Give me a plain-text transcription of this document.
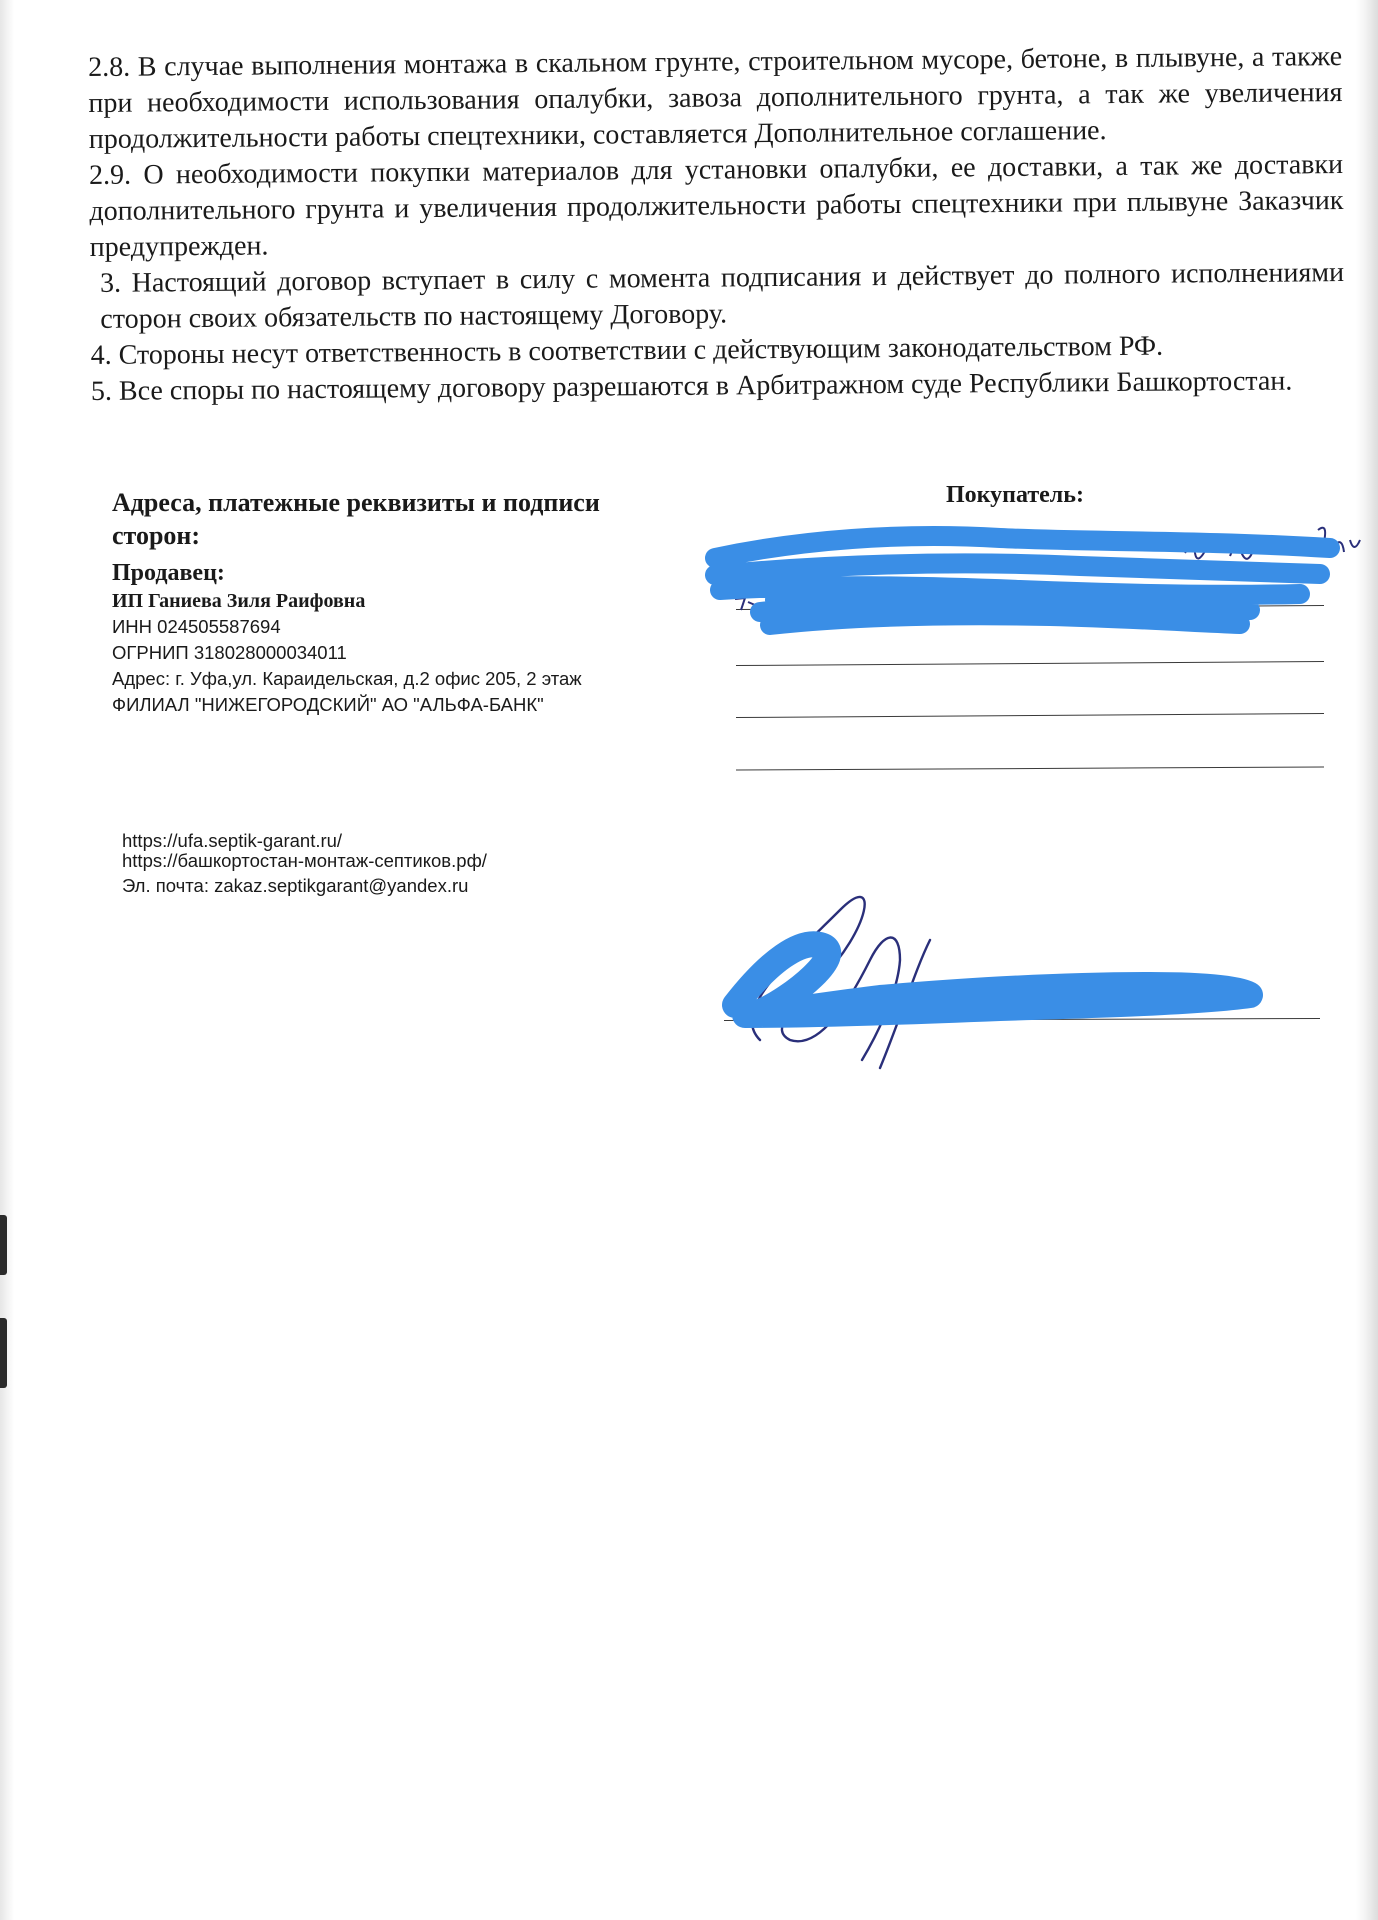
2.8. В случае выполнения монтажа в скальном грунте, строительном мусоре, бетоне, в плывуне, а также при необходимости использования опалубки, завоза дополнительного грунта, а так же увеличения продолжительности работы спецтехники, составляется Дополнительное соглашение.

2.9. О необходимости покупки материалов для установки опалубки, ее доставки, а так же доставки дополнительного грунта и увеличения продолжительности работы спецтехники при плывуне Заказчик предупрежден.

3. Настоящий договор вступает в силу с момента подписания и действует до полного исполнениями сторон своих обязательств по настоящему Договору.

4. Стороны несут ответственность в соответствии с действующим законодательством РФ.

5. Все споры по настоящему договору разрешаются в Арбитражном суде Республики Башкортостан.

Адреса, платежные реквизиты и подписи сторон:
Продавец:
ИП Ганиева Зиля Раифовна
ИНН 024505587694
ОГРНИП 318028000034011
Адрес: г. Уфа,ул. Караидельская, д.2 офис 205, 2 этаж
ФИЛИАЛ "НИЖЕГОРОДСКИЙ" АО "АЛЬФА-БАНК"
https://ufa.septik-garant.ru/
https://башкортостан-монтаж-септиков.рф/
Эл. почта: zakaz.septikgarant@yandex.ru
Покупатель:
